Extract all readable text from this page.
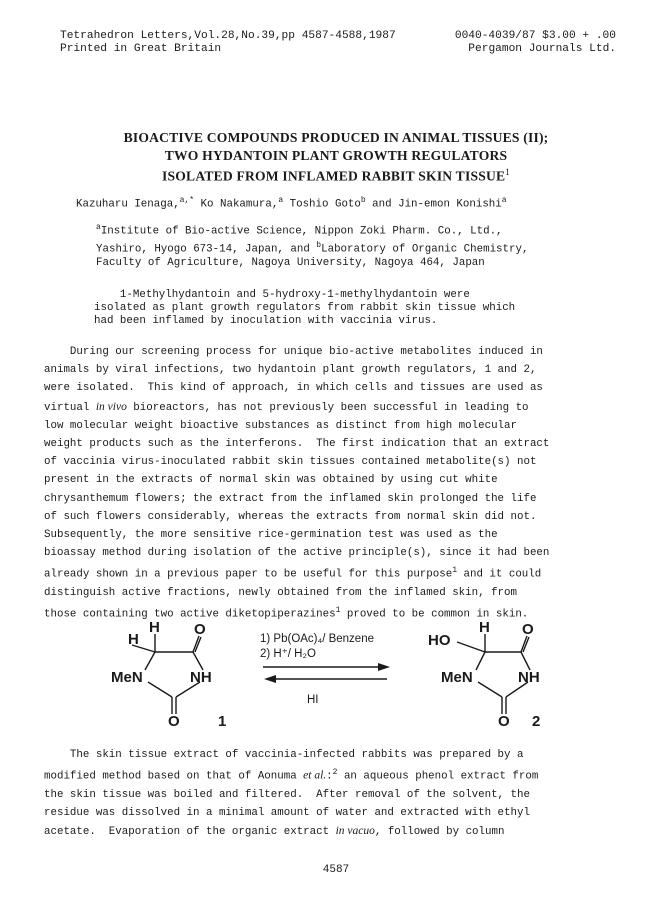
Tetrahedron Letters,Vol.28,No.39,pp 4587-4588,1987	0040-4039/87 $3.00 + .00
Printed in Great Britain	Pergamon Journals Ltd.
BIOACTIVE COMPOUNDS PRODUCED IN ANIMAL TISSUES (II);
TWO HYDANTOIN PLANT GROWTH REGULATORS
ISOLATED FROM INFLAMED RABBIT SKIN TISSUE$^1$
Kazuharu Ienaga,$^{a,*}$ Ko Nakamura,$^a$ Toshio Goto$^b$ and Jin-emon Konishi$^a$
$^a$Institute of Bio-active Science, Nippon Zoki Pharm. Co., Ltd.,
Yashiro, Hyogo 673-14, Japan, and $^b$Laboratory of Organic Chemistry,
Faculty of Agriculture, Nagoya University, Nagoya 464, Japan
1-Methylhydantoin and 5-hydroxy-1-methylhydantoin were
isolated as plant growth regulators from rabbit skin tissue which
had been inflamed by inoculation with vaccinia virus.
During our screening process for unique bio-active metabolites induced in
animals by viral infections, two hydantoin plant growth regulators, 1 and 2,
were isolated.  This kind of approach, in which cells and tissues are used as
virtual in vivo bioreactors, has not previously been successful in leading to
low molecular weight bioactive substances as distinct from high molecular
weight products such as the interferons.  The first indication that an extract
of vaccinia virus-inoculated rabbit skin tissues contained metabolite(s) not
present in the extracts of normal skin was obtained by using cut white
chrysanthemum flowers; the extract from the inflamed skin prolonged the life
of such flowers considerably, whereas the extracts from normal skin did not.
Subsequently, the more sensitive rice-germination test was used as the
bioassay method during isolation of the active principle(s), since it had been
already shown in a previous paper to be useful for this purpose$^1$ and it could
distinguish active fractions, newly obtained from the inflamed skin, from
those containing two active diketopiperazines$^1$ proved to be common in skin.
H
H O
MeN	NH
O	1
1) Pb(OAc)₄/ Benzene
2) H⁺/ H₂O
HI
HO
H O
MeN	NH
O 2
The skin tissue extract of vaccinia-infected rabbits was prepared by a
modified method based on that of Aonuma et al.:$^2$ an aqueous phenol extract from
the skin tissue was boiled and filtered.  After removal of the solvent, the
residue was dissolved in a minimal amount of water and extracted with ethyl
acetate.  Evaporation of the organic extract in vacuo, followed by column
4587
